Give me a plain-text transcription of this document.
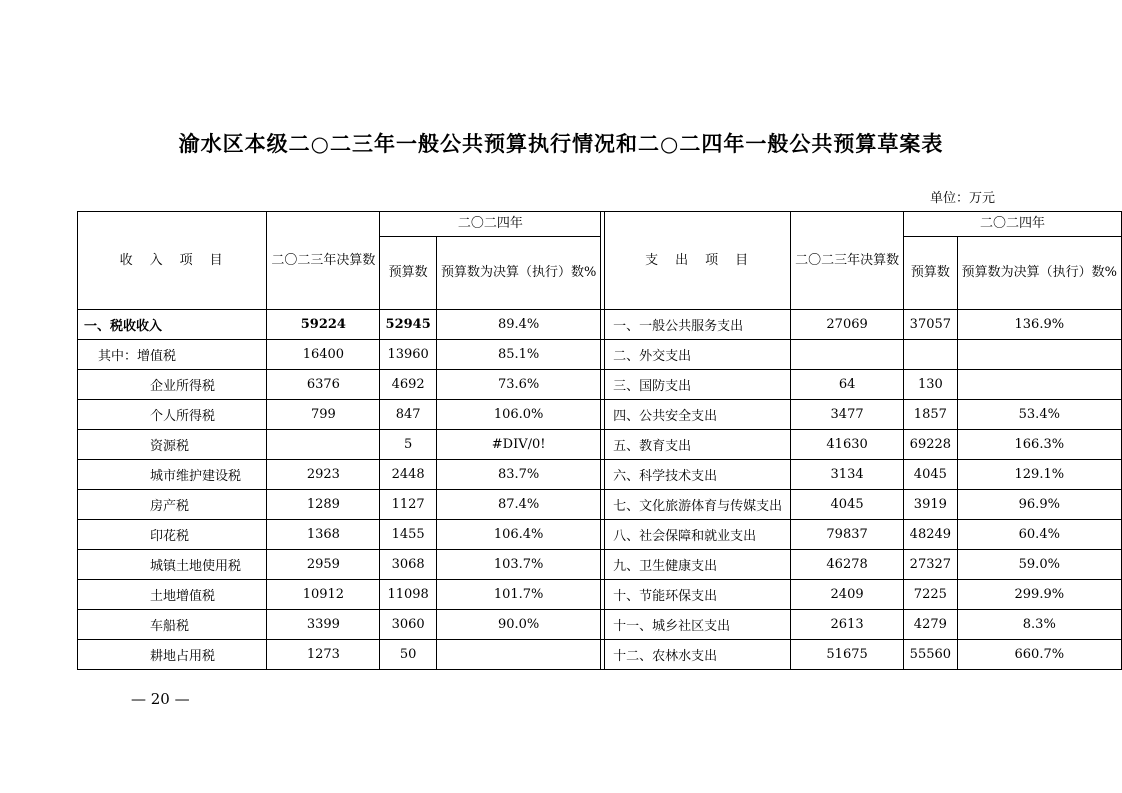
渝水区本级二○二三年一般公共预算执行情况和二○二四年一般公共预算草案表
单位：万元
收　入　项　目	二〇二三年决算数	二〇二四年			支　出　项　目	二〇二三年决算数	二〇二四年	
		预算数	预算数为决算（执行）数%				预算数	预算数为决算（执行）数%
一、税收收入	59224	52945	89.4%		一、一般公共服务支出	27069	37057	136.9%
其中：增值税	16400	13960	85.1%		二、外交支出			
企业所得税	6376	4692	73.6%		三、国防支出	64	130	
个人所得税	799	847	106.0%		四、公共安全支出	3477	1857	53.4%
资源税		5	#DIV/0!		五、教育支出	41630	69228	166.3%
城市维护建设税	2923	2448	83.7%		六、科学技术支出	3134	4045	129.1%
房产税	1289	1127	87.4%		七、文化旅游体育与传媒支出	4045	3919	96.9%
印花税	1368	1455	106.4%		八、社会保障和就业支出	79837	48249	60.4%
城镇土地使用税	2959	3068	103.7%		九、卫生健康支出	46278	27327	59.0%
土地增值税	10912	11098	101.7%		十、节能环保支出	2409	7225	299.9%
车船税	3399	3060	90.0%		十一、城乡社区支出	2613	4279	8.3%
耕地占用税	1273	50			十二、农林水支出	51675	55560	660.7%
— 20 —
